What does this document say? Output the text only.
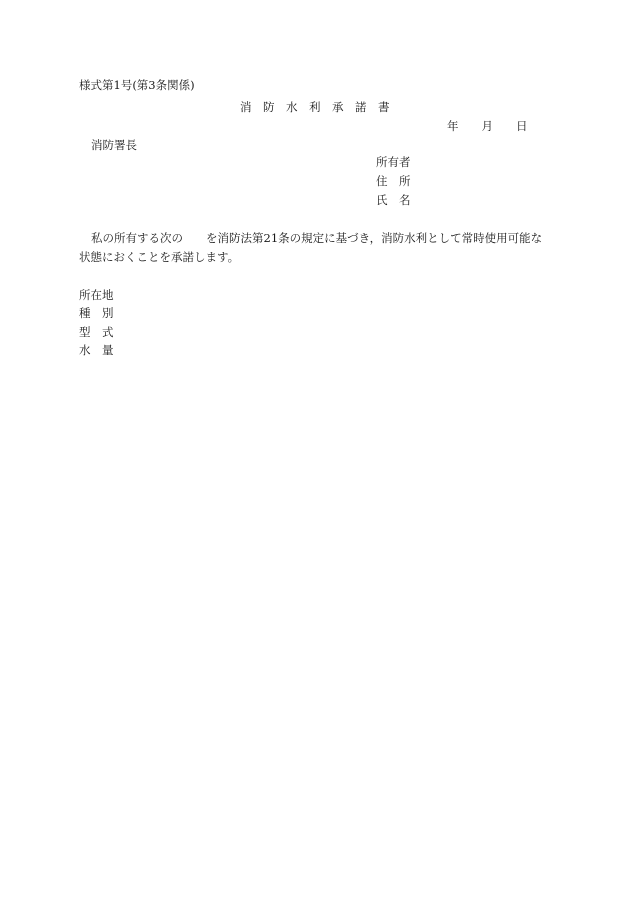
様式第1号(第3条関係)
消　防　水　利　承　諾　書
年　　月　　日
消防署長
所有者
住　所
氏　名
私の所有する次の　　を消防法第21条の規定に基づき，消防水利として常時使用可能な
状態におくことを承諾します。
所在地
種　別
型　式
水　量
